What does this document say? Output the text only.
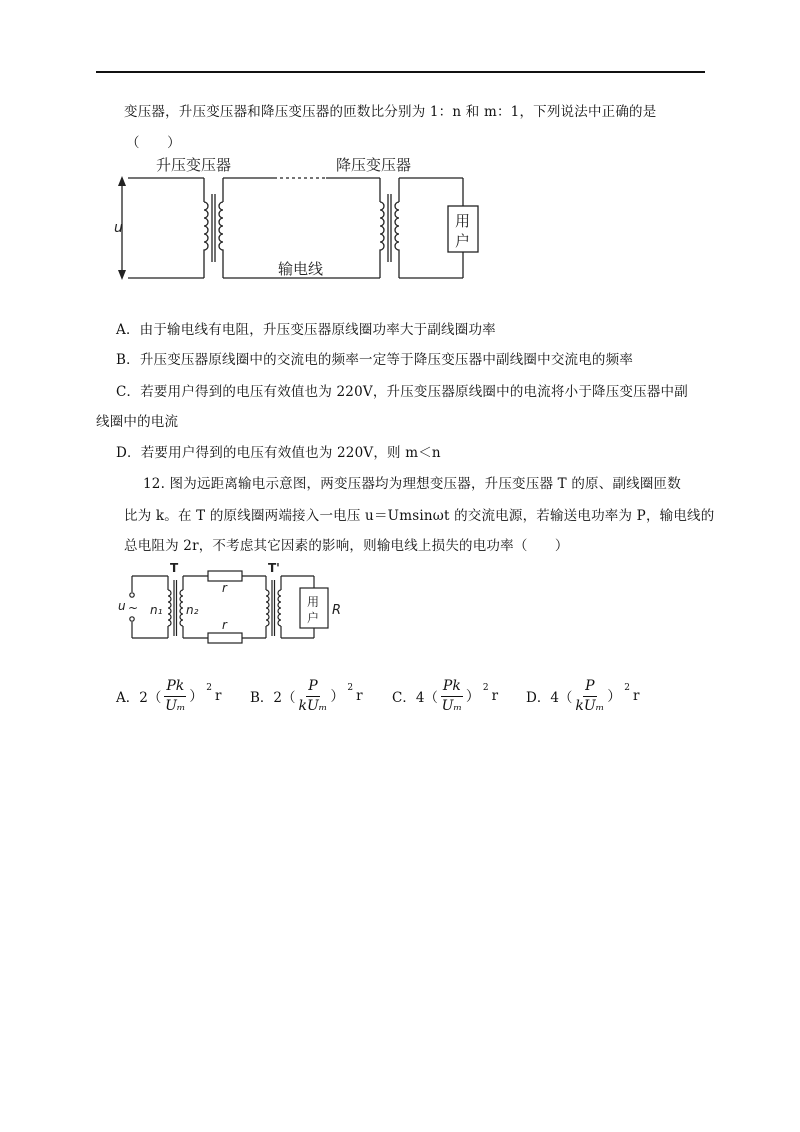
变压器，升压变压器和降压变压器的匝数比分别为 1：n 和 m：1，下列说法中正确的是
（　　）
升压变压器	降压变压器
u
输电线
用
户
A．由于输电线有电阻，升压变压器原线圈功率大于副线圈功率
B．升压变压器原线圈中的交流电的频率一定等于降压变压器中副线圈中交流电的频率
C．若要用户得到的电压有效值也为 220V，升压变压器原线圈中的电流将小于降压变压器中副
线圈中的电流
D．若要用户得到的电压有效值也为 220V，则 m＜n
12. 图为远距离输电示意图，两变压器均为理想变压器，升压变压器 T 的原、副线圈匝数
比为 k。在 T 的原线圈两端接入一电压 u＝Umsinωt 的交流电源，若输送电功率为 P，输电线的
总电阻为 2r，不考虑其它因素的影响，则输电线上损失的电功率（　　）
T	T'
u ~ n₁ n₂
r
r
用
户 R
A．$2( \frac{Pk}{\text{Uₘ}}$ ）
2 r B．$2( \frac{P}{\text{kUₘ}}$ ）
2 r C．$4( \frac{Pk}{\text{Uₘ}}$ ）
2 r D．$4( \frac{P}{\text{kUₘ}}$ ）
2 r
